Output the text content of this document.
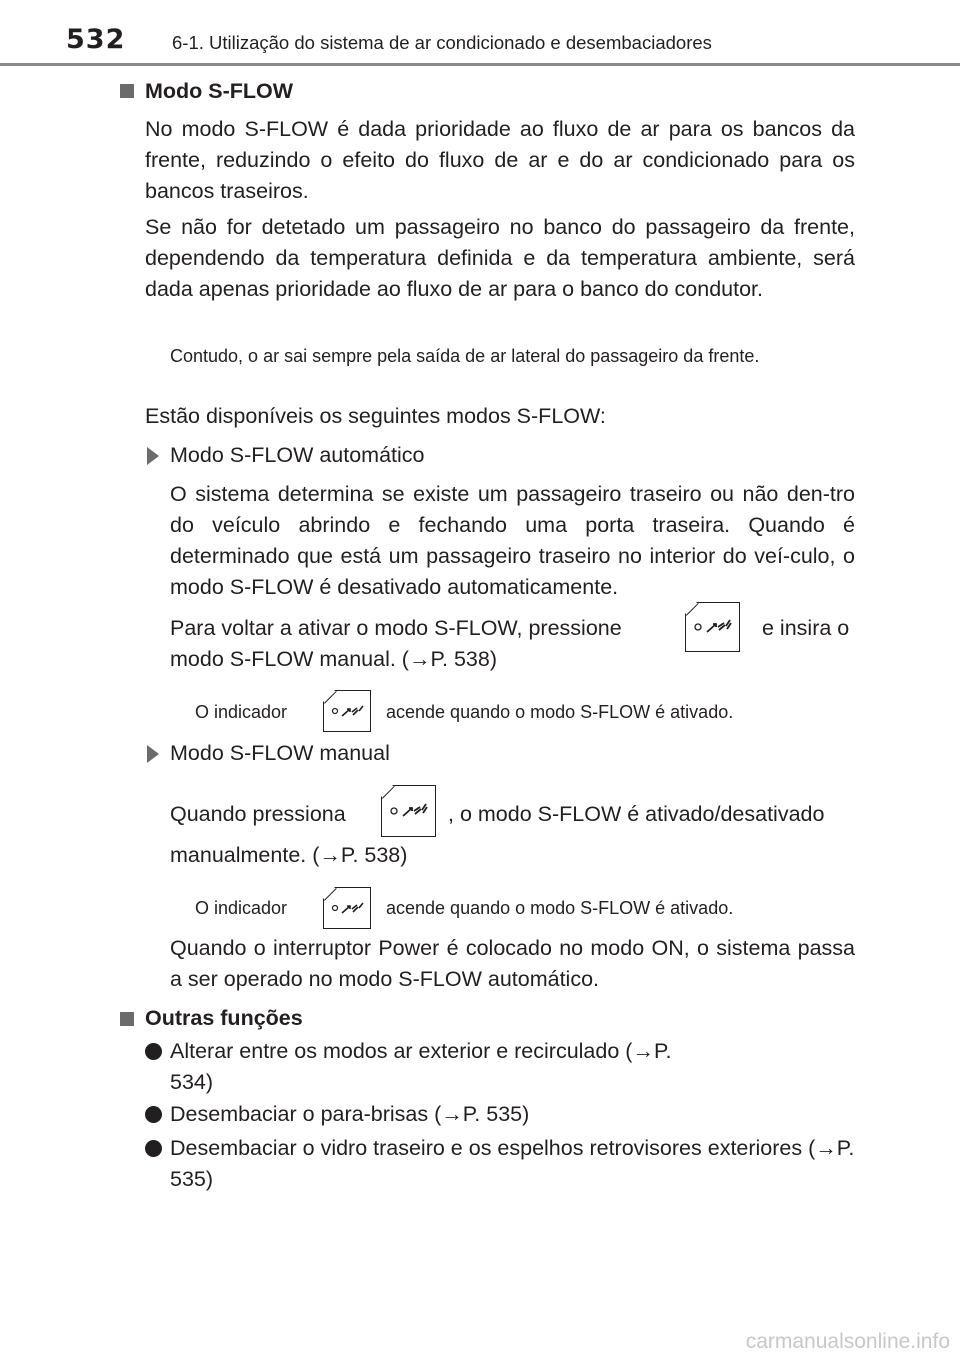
532	6-1. Utilização do sistema de ar condicionado e desembaciadores
Modo S-FLOW
No modo S-FLOW é dada prioridade ao fluxo de ar para os bancos da frente, reduzindo o efeito do fluxo de ar e do ar condicionado para os bancos traseiros.
Se não for detetado um passageiro no banco do passageiro da frente, dependendo da temperatura definida e da temperatura ambiente, será dada apenas prioridade ao fluxo de ar para o banco do condutor.
Contudo, o ar sai sempre pela saída de ar lateral do passageiro da frente.
Estão disponíveis os seguintes modos S-FLOW:
Modo S-FLOW automático
O sistema determina se existe um passageiro traseiro ou não den-tro do veículo abrindo e fechando uma porta traseira. Quando é determinado que está um passageiro traseiro no interior do veí-culo, o modo S-FLOW é desativado automaticamente.
Para voltar a ativar o modo S-FLOW, pressione	e insira o
modo S-FLOW manual. (→P. 538)
O indicador	acende quando o modo S-FLOW é ativado.
Modo S-FLOW manual
Quando pressiona	, o modo S-FLOW é ativado/desativado
manualmente. (→P. 538)
O indicador	acende quando o modo S-FLOW é ativado.
Quando o interruptor Power é colocado no modo ON, o sistema passa a ser operado no modo S-FLOW automático.
Outras funções
Alterar entre os modos ar exterior e recirculado (→P. 534)
Desembaciar o para-brisas (→P. 535)
Desembaciar o vidro traseiro e os espelhos retrovisores exteriores (→P. 535)
carmanualsonline.info
